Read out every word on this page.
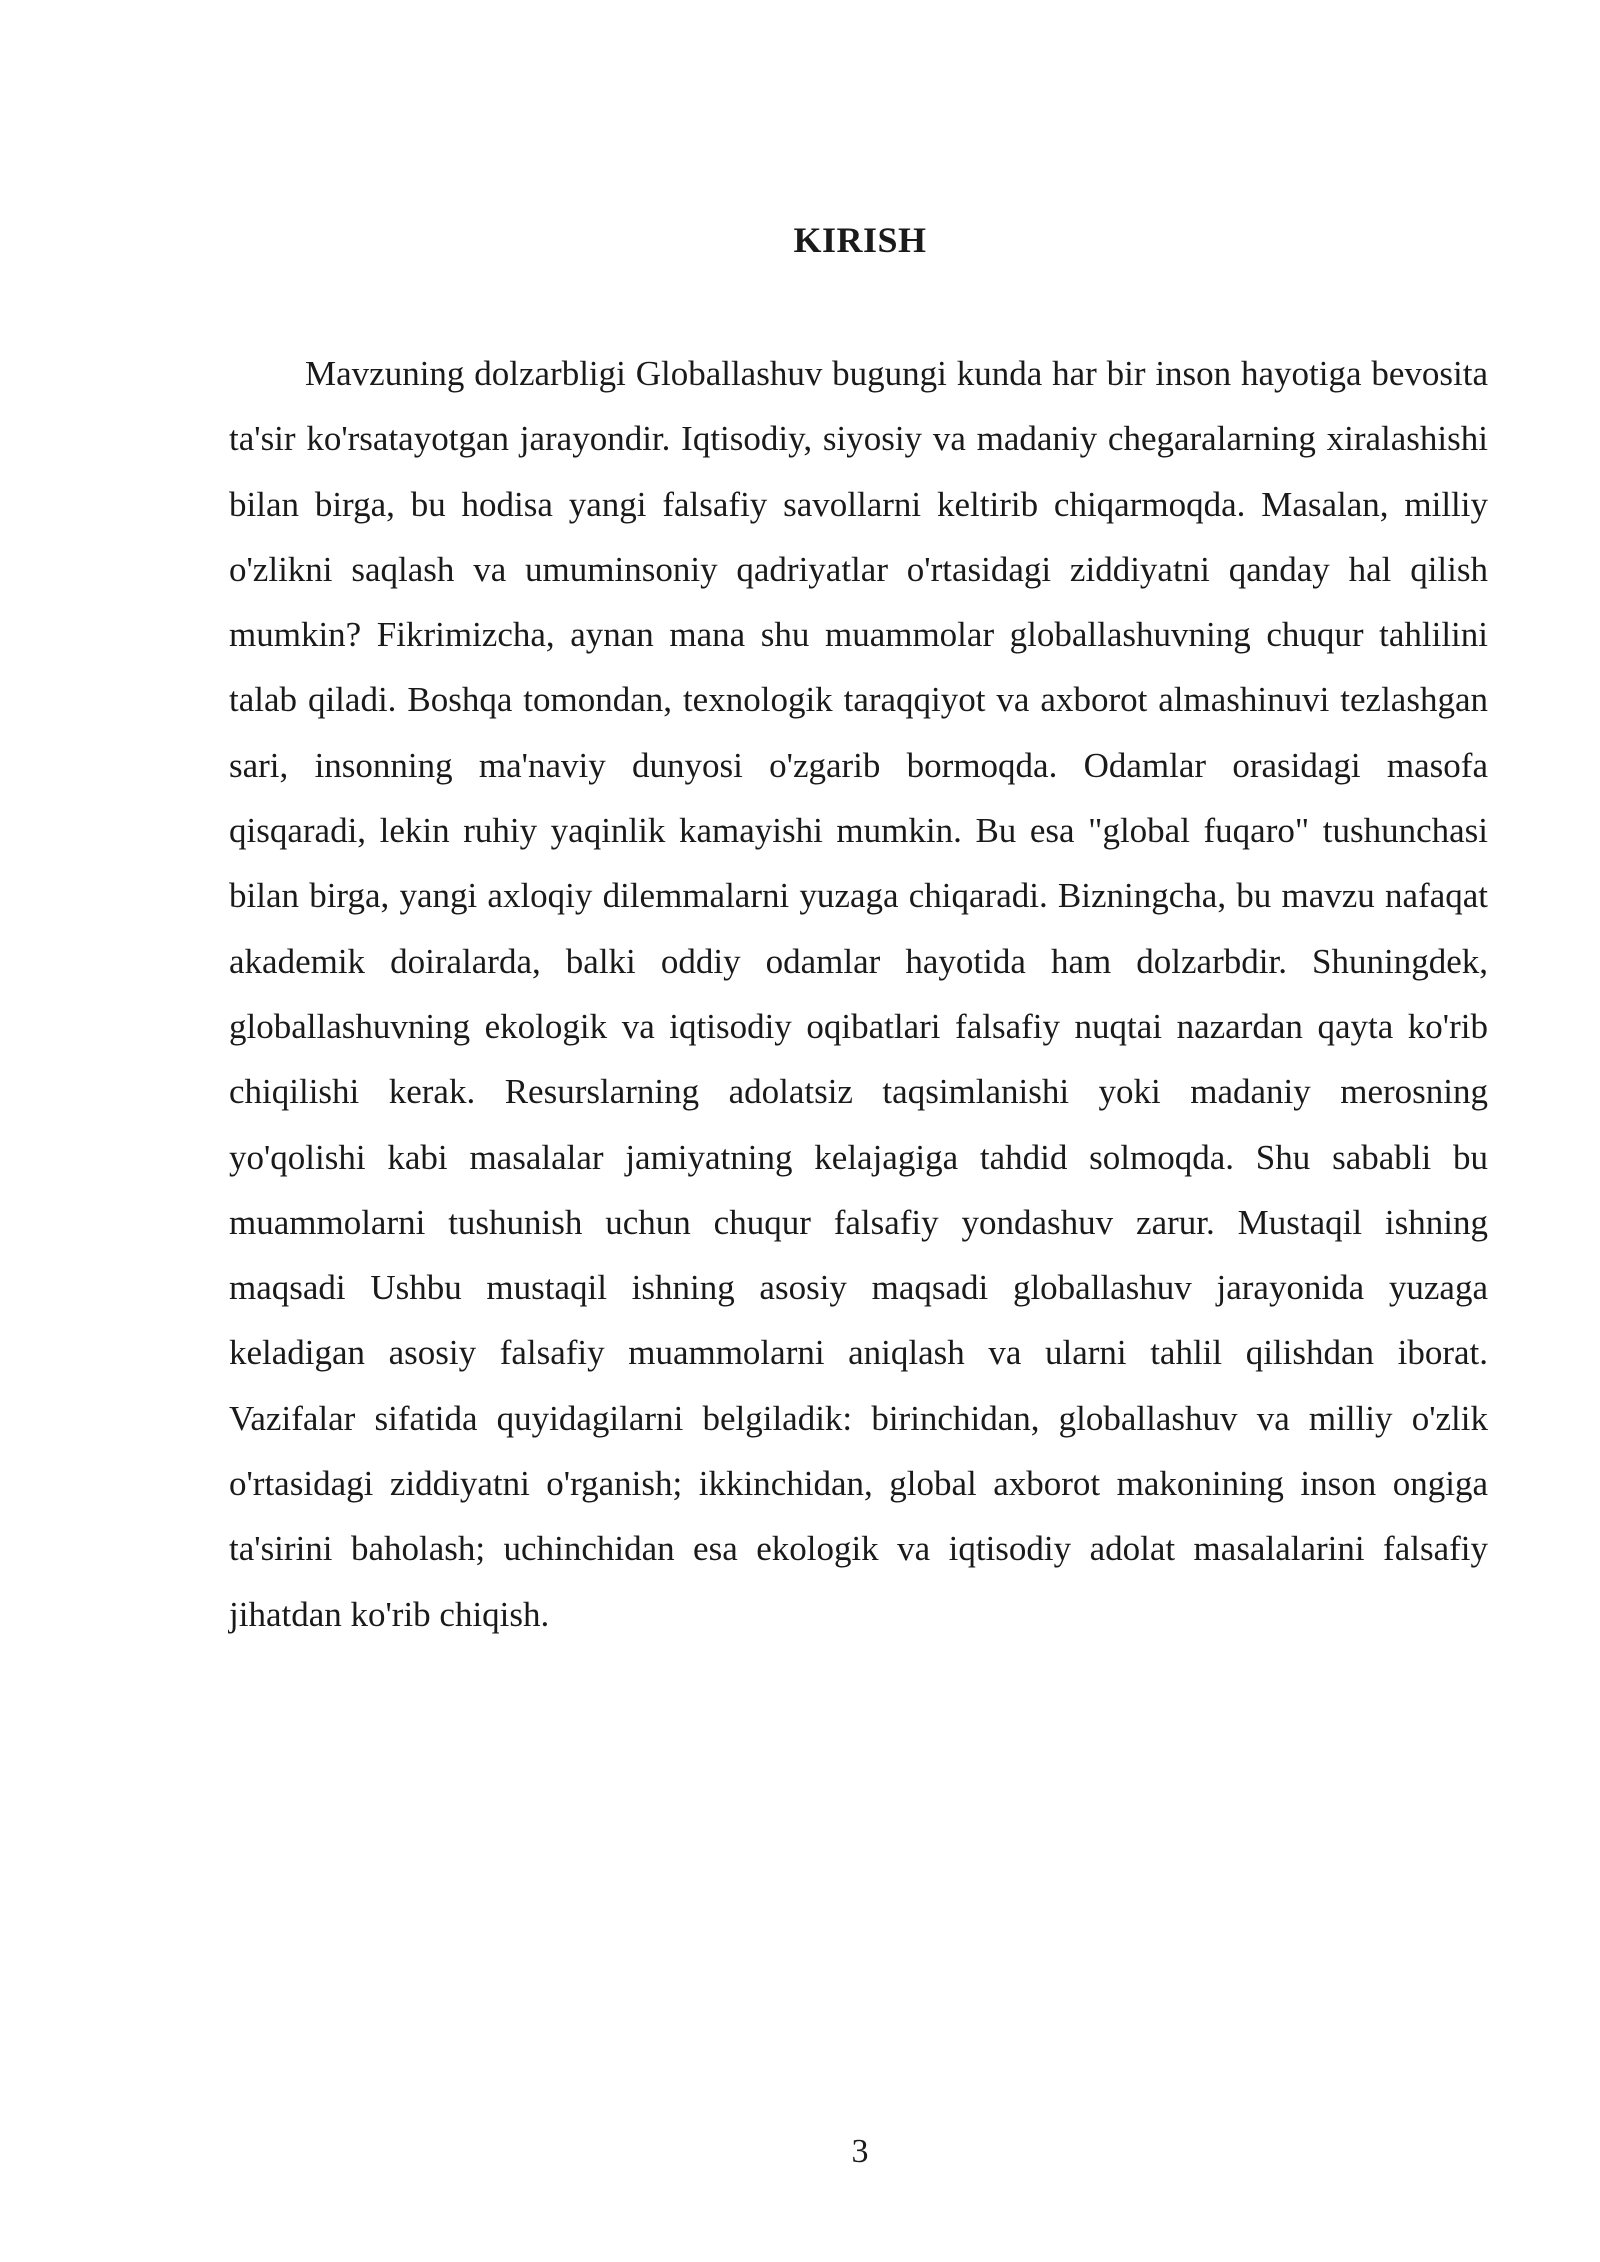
KIRISH

Mavzuning dolzarbligi Globallashuv bugungi kunda har bir inson hayotiga bevosita ta'sir ko'rsatayotgan jarayondir. Iqtisodiy, siyosiy va madaniy chegaralarning xiralashishi bilan birga, bu hodisa yangi falsafiy savollarni keltirib chiqarmoqda. Masalan, milliy o'zlikni saqlash va umuminsoniy qadriyatlar o'rtasidagi ziddiyatni qanday hal qilish mumkin? Fikrimizcha, aynan mana shu muammolar globallashuvning chuqur tahlilini talab qiladi. Boshqa tomondan, texnologik taraqqiyot va axborot almashinuvi tezlashgan sari, insonning ma'naviy dunyosi o'zgarib bormoqda. Odamlar orasidagi masofa qisqaradi, lekin ruhiy yaqinlik kamayishi mumkin. Bu esa "global fuqaro" tushunchasi bilan birga, yangi axloqiy dilemmalarni yuzaga chiqaradi. Bizningcha, bu mavzu nafaqat akademik doiralarda, balki oddiy odamlar hayotida ham dolzarbdir. Shuningdek, globallashuvning ekologik va iqtisodiy oqibatlari falsafiy nuqtai nazardan qayta ko'rib chiqilishi kerak. Resurslarning adolatsiz taqsimlanishi yoki madaniy merosning yo'qolishi kabi masalalar jamiyatning kelajagiga tahdid solmoqda. Shu sababli bu muammolarni tushunish uchun chuqur falsafiy yondashuv zarur. Mustaqil ishning maqsadi Ushbu mustaqil ishning asosiy maqsadi globallashuv jarayonida yuzaga keladigan asosiy falsafiy muammolarni aniqlash va ularni tahlil qilishdan iborat. Vazifalar sifatida quyidagilarni belgiladik: birinchidan, globallashuv va milliy o'zlik o'rtasidagi ziddiyatni o'rganish; ikkinchidan, global axborot makonining inson ongiga ta'sirini baholash; uchinchidan esa ekologik va iqtisodiy adolat masalalarini falsafiy jihatdan ko'rib chiqish.

3
